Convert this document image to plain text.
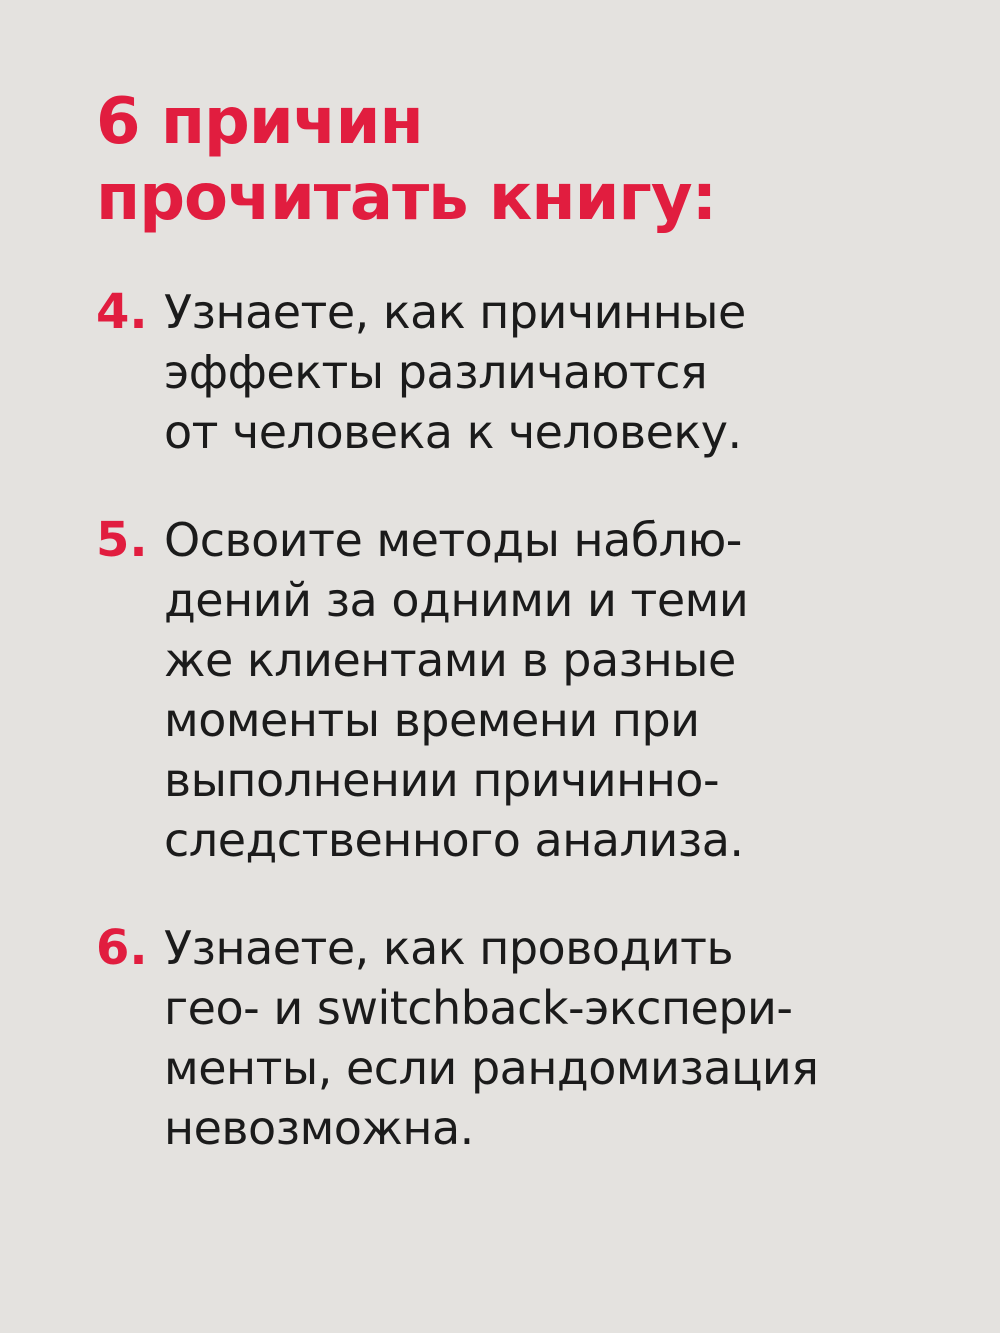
6 причин
прочитать книгу:
4. Узнаете, как причинные
эффекты различаются
от человека к человеку.
5. Освоите методы наблю-
дений за одними и теми
же клиентами в разные
моменты времени при
выполнении причинно-
следственного анализа.
6. Узнаете, как проводить
гео- и switchback-экспери-
менты, если рандомизация
невозможна.
